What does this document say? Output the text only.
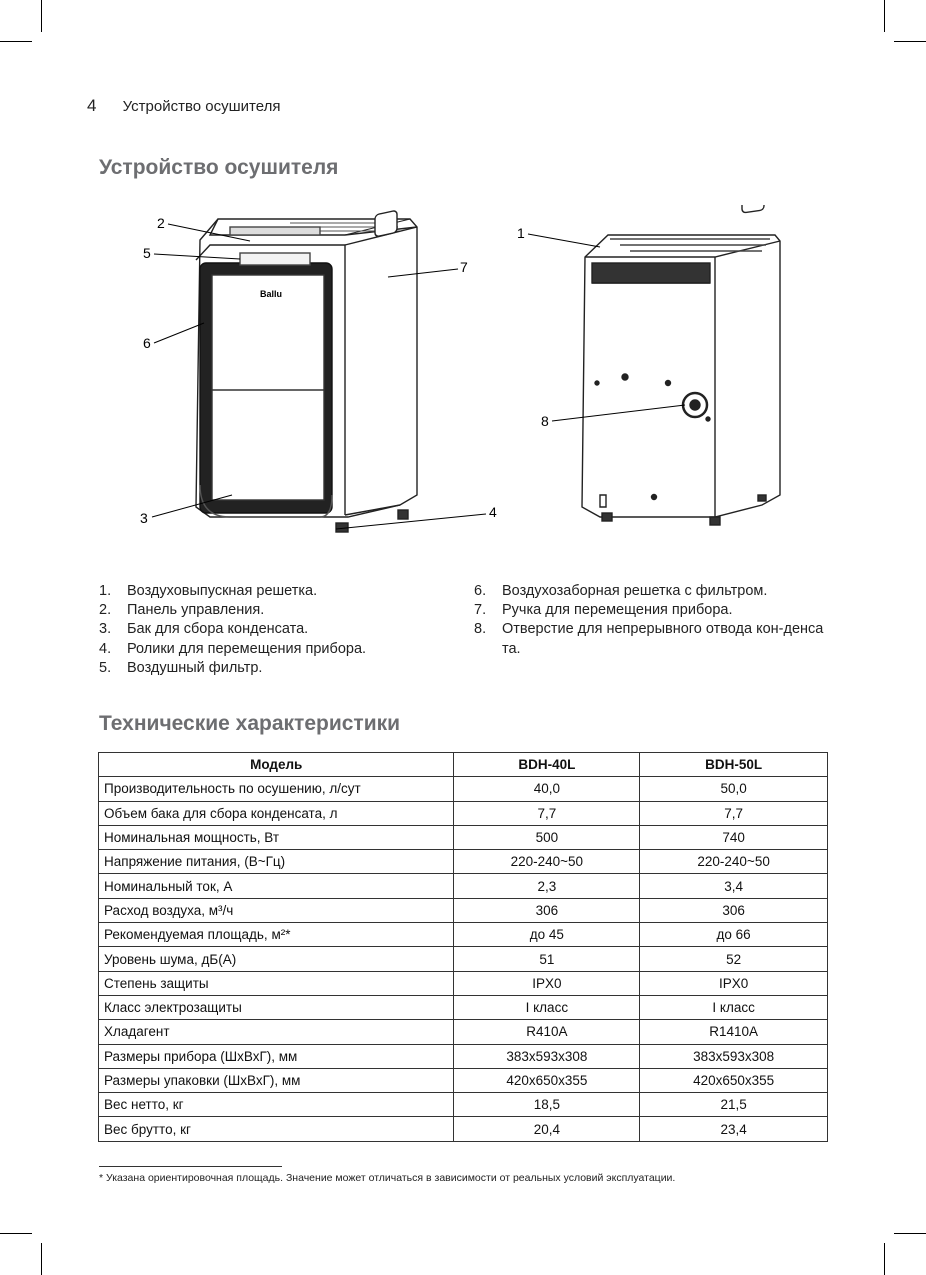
4 Устройство осушителя
Устройство осушителя
Ballu
2
5
6
3	4
7
1
8
1.	Воздуховыпускная решетка.
2.	Панель управления.
3.	Бак для сбора конденсата.
4.	Ролики для перемещения прибора.
5.	Воздушный фильтр.
6.	Воздухозаборная решетка с фильтром.
7.	Ручка для перемещения прибора.
8.	Отверстие для непрерывного отвода кон-денсата.
Технические характеристики
Модель	BDH-40L	BDH-50L
Производительность по осушению, л/сут	40,0	50,0
Объем бака для сбора конденсата, л	7,7	7,7
Номинальная мощность, Вт	500	740
Напряжение питания, (В~Гц)	220-240~50	220-240~50
Номинальный ток, А	2,3	3,4
Расход воздуха, м³/ч	306	306
Рекомендуемая площадь, м²*	до 45	до 66
Уровень шума, дБ(А)	51	52
Степень защиты	IPX0	IPX0
Класс электрозащиты	I класс	I класс
Хладагент	R410A	R1410A
Размеры прибора (ШхВхГ), мм	383x593x308	383x593x308
Размеры упаковки (ШхВхГ), мм	420x650x355	420x650x355
Вес нетто, кг	18,5	21,5
Вес брутто, кг	20,4	23,4
* Указана ориентировочная площадь. Значение может отличаться в зависимости от реальных условий эксплуатации.
